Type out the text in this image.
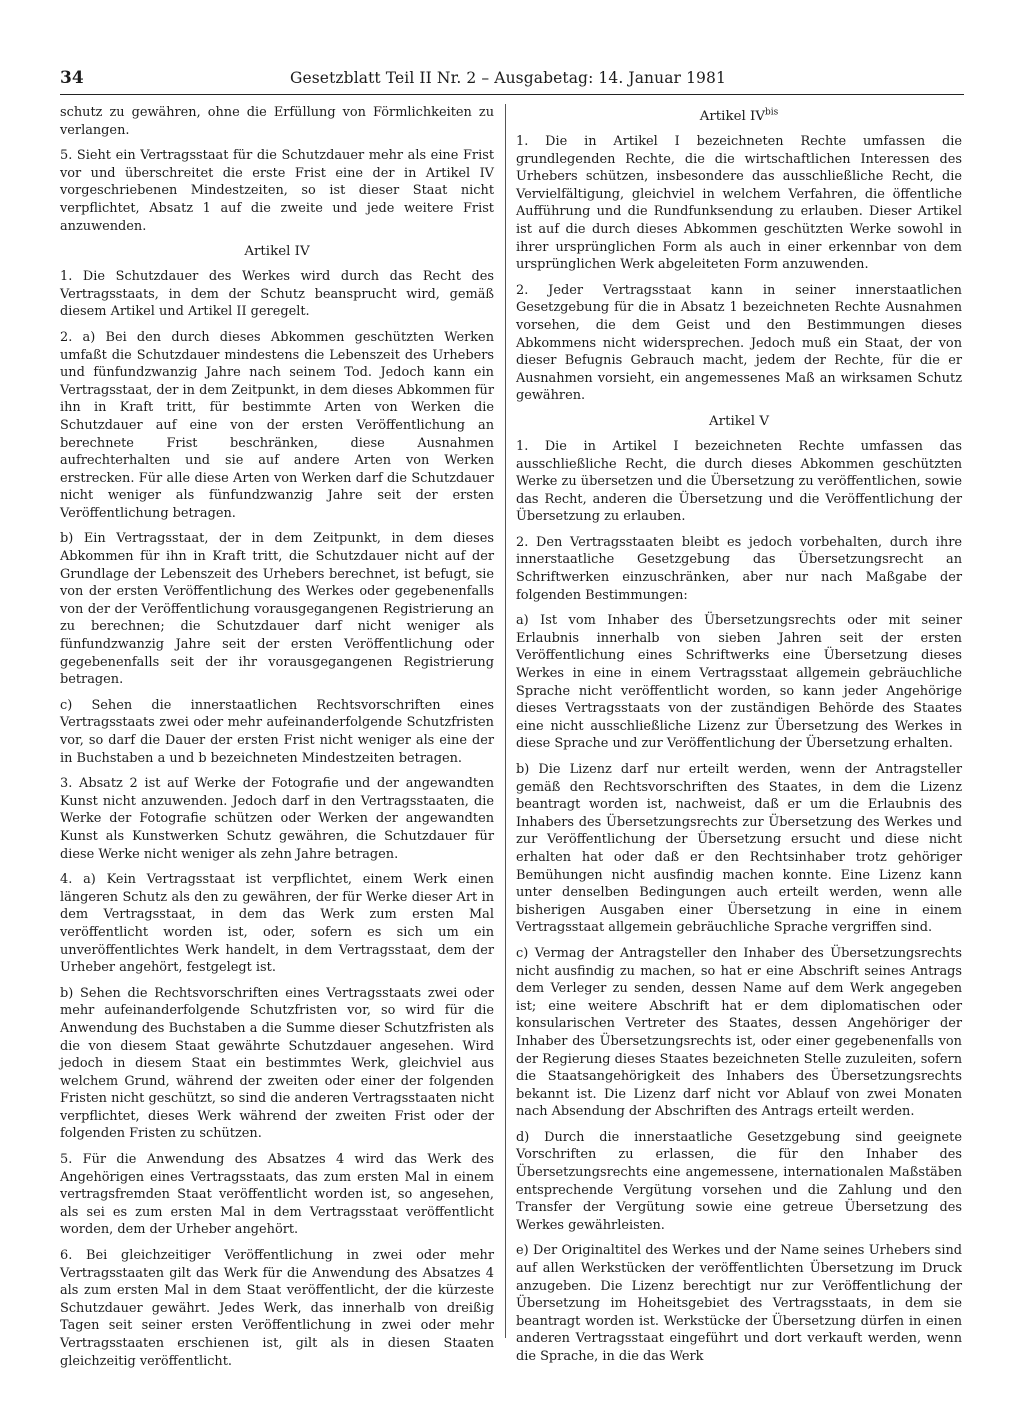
34	Gesetzblatt Teil II Nr. 2 – Ausgabetag: 14. Januar 1981

schutz zu gewähren, ohne die Erfüllung von Förmlichkeiten zu verlangen.

5. Sieht ein Vertragsstaat für die Schutzdauer mehr als eine Frist vor und überschreitet die erste Frist eine der in Artikel IV vorgeschriebenen Mindestzeiten, so ist dieser Staat nicht verpflichtet, Absatz 1 auf die zweite und jede weitere Frist anzuwenden.

Artikel IV

1. Die Schutzdauer des Werkes wird durch das Recht des Vertragsstaats, in dem der Schutz beansprucht wird, gemäß diesem Artikel und Artikel II geregelt.

2. a) Bei den durch dieses Abkommen geschützten Werken umfaßt die Schutzdauer mindestens die Lebenszeit des Urhebers und fünfundzwanzig Jahre nach seinem Tod. Jedoch kann ein Vertragsstaat, der in dem Zeitpunkt, in dem dieses Abkommen für ihn in Kraft tritt, für bestimmte Arten von Werken die Schutzdauer auf eine von der ersten Veröffentlichung an berechnete Frist beschränken, diese Ausnahmen aufrechterhalten und sie auf andere Arten von Werken erstrecken. Für alle diese Arten von Werken darf die Schutzdauer nicht weniger als fünfundzwanzig Jahre seit der ersten Veröffentlichung betragen.

b) Ein Vertragsstaat, der in dem Zeitpunkt, in dem dieses Abkommen für ihn in Kraft tritt, die Schutzdauer nicht auf der Grundlage der Lebenszeit des Urhebers berechnet, ist befugt, sie von der ersten Veröffentlichung des Werkes oder gegebenenfalls von der der Veröffentlichung vorausgegangenen Registrierung an zu berechnen; die Schutzdauer darf nicht weniger als fünfundzwanzig Jahre seit der ersten Veröffentlichung oder gegebenenfalls seit der ihr vorausgegangenen Registrierung betragen.

c) Sehen die innerstaatlichen Rechtsvorschriften eines Vertragsstaats zwei oder mehr aufeinanderfolgende Schutzfristen vor, so darf die Dauer der ersten Frist nicht weniger als eine der in Buchstaben a und b bezeichneten Mindestzeiten betragen.

3. Absatz 2 ist auf Werke der Fotografie und der angewandten Kunst nicht anzuwenden. Jedoch darf in den Vertragsstaaten, die Werke der Fotografie schützen oder Werken der angewandten Kunst als Kunstwerken Schutz gewähren, die Schutzdauer für diese Werke nicht weniger als zehn Jahre betragen.

4. a) Kein Vertragsstaat ist verpflichtet, einem Werk einen längeren Schutz als den zu gewähren, der für Werke dieser Art in dem Vertragsstaat, in dem das Werk zum ersten Mal veröffentlicht worden ist, oder, sofern es sich um ein unveröffentlichtes Werk handelt, in dem Vertragsstaat, dem der Urheber angehört, festgelegt ist.

b) Sehen die Rechtsvorschriften eines Vertragsstaats zwei oder mehr aufeinanderfolgende Schutzfristen vor, so wird für die Anwendung des Buchstaben a die Summe dieser Schutzfristen als die von diesem Staat gewährte Schutzdauer angesehen. Wird jedoch in diesem Staat ein bestimmtes Werk, gleichviel aus welchem Grund, während der zweiten oder einer der folgenden Fristen nicht geschützt, so sind die anderen Vertragsstaaten nicht verpflichtet, dieses Werk während der zweiten Frist oder der folgenden Fristen zu schützen.

5. Für die Anwendung des Absatzes 4 wird das Werk des Angehörigen eines Vertragsstaats, das zum ersten Mal in einem vertragsfremden Staat veröffentlicht worden ist, so angesehen, als sei es zum ersten Mal in dem Vertragsstaat veröffentlicht worden, dem der Urheber angehört.

6. Bei gleichzeitiger Veröffentlichung in zwei oder mehr Vertragsstaaten gilt das Werk für die Anwendung des Absatzes 4 als zum ersten Mal in dem Staat veröffentlicht, der die kürzeste Schutzdauer gewährt. Jedes Werk, das innerhalb von dreißig Tagen seit seiner ersten Veröffentlichung in zwei oder mehr Vertragsstaaten erschienen ist, gilt als in diesen Staaten gleichzeitig veröffentlicht.

Artikel $IV^{bis}$

1. Die in Artikel I bezeichneten Rechte umfassen die grundlegenden Rechte, die die wirtschaftlichen Interessen des Urhebers schützen, insbesondere das ausschließliche Recht, die Vervielfältigung, gleichviel in welchem Verfahren, die öffentliche Aufführung und die Rundfunksendung zu erlauben. Dieser Artikel ist auf die durch dieses Abkommen geschützten Werke sowohl in ihrer ursprünglichen Form als auch in einer erkennbar von dem ursprünglichen Werk abgeleiteten Form anzuwenden.

2. Jeder Vertragsstaat kann in seiner innerstaatlichen Gesetzgebung für die in Absatz 1 bezeichneten Rechte Ausnahmen vorsehen, die dem Geist und den Bestimmungen dieses Abkommens nicht widersprechen. Jedoch muß ein Staat, der von dieser Befugnis Gebrauch macht, jedem der Rechte, für die er Ausnahmen vorsieht, ein angemessenes Maß an wirksamen Schutz gewähren.

Artikel V

1. Die in Artikel I bezeichneten Rechte umfassen das ausschließliche Recht, die durch dieses Abkommen geschützten Werke zu übersetzen und die Übersetzung zu veröffentlichen, sowie das Recht, anderen die Übersetzung und die Veröffentlichung der Übersetzung zu erlauben.

2. Den Vertragsstaaten bleibt es jedoch vorbehalten, durch ihre innerstaatliche Gesetzgebung das Übersetzungsrecht an Schriftwerken einzuschränken, aber nur nach Maßgabe der folgenden Bestimmungen:

a) Ist vom Inhaber des Übersetzungsrechts oder mit seiner Erlaubnis innerhalb von sieben Jahren seit der ersten Veröffentlichung eines Schriftwerks eine Übersetzung dieses Werkes in eine in einem Vertragsstaat allgemein gebräuchliche Sprache nicht veröffentlicht worden, so kann jeder Angehörige dieses Vertragsstaats von der zuständigen Behörde des Staates eine nicht ausschließliche Lizenz zur Übersetzung des Werkes in diese Sprache und zur Veröffentlichung der Übersetzung erhalten.

b) Die Lizenz darf nur erteilt werden, wenn der Antragsteller gemäß den Rechtsvorschriften des Staates, in dem die Lizenz beantragt worden ist, nachweist, daß er um die Erlaubnis des Inhabers des Übersetzungsrechts zur Übersetzung des Werkes und zur Veröffentlichung der Übersetzung ersucht und diese nicht erhalten hat oder daß er den Rechtsinhaber trotz gehöriger Bemühungen nicht ausfindig machen konnte. Eine Lizenz kann unter denselben Bedingungen auch erteilt werden, wenn alle bisherigen Ausgaben einer Übersetzung in eine in einem Vertragsstaat allgemein gebräuchliche Sprache vergriffen sind.

c) Vermag der Antragsteller den Inhaber des Übersetzungsrechts nicht ausfindig zu machen, so hat er eine Abschrift seines Antrags dem Verleger zu senden, dessen Name auf dem Werk angegeben ist; eine weitere Abschrift hat er dem diplomatischen oder konsularischen Vertreter des Staates, dessen Angehöriger der Inhaber des Übersetzungsrechts ist, oder einer gegebenenfalls von der Regierung dieses Staates bezeichneten Stelle zuzuleiten, sofern die Staatsangehörigkeit des Inhabers des Übersetzungsrechts bekannt ist. Die Lizenz darf nicht vor Ablauf von zwei Monaten nach Absendung der Abschriften des Antrags erteilt werden.

d) Durch die innerstaatliche Gesetzgebung sind geeignete Vorschriften zu erlassen, die für den Inhaber des Übersetzungsrechts eine angemessene, internationalen Maßstäben entsprechende Vergütung vorsehen und die Zahlung und den Transfer der Vergütung sowie eine getreue Übersetzung des Werkes gewährleisten.

e) Der Originaltitel des Werkes und der Name seines Urhebers sind auf allen Werkstücken der veröffentlichten Übersetzung im Druck anzugeben. Die Lizenz berechtigt nur zur Veröffentlichung der Übersetzung im Hoheitsgebiet des Vertragsstaats, in dem sie beantragt worden ist. Werkstücke der Übersetzung dürfen in einen anderen Vertragsstaat eingeführt und dort verkauft werden, wenn die Sprache, in die das Werk
